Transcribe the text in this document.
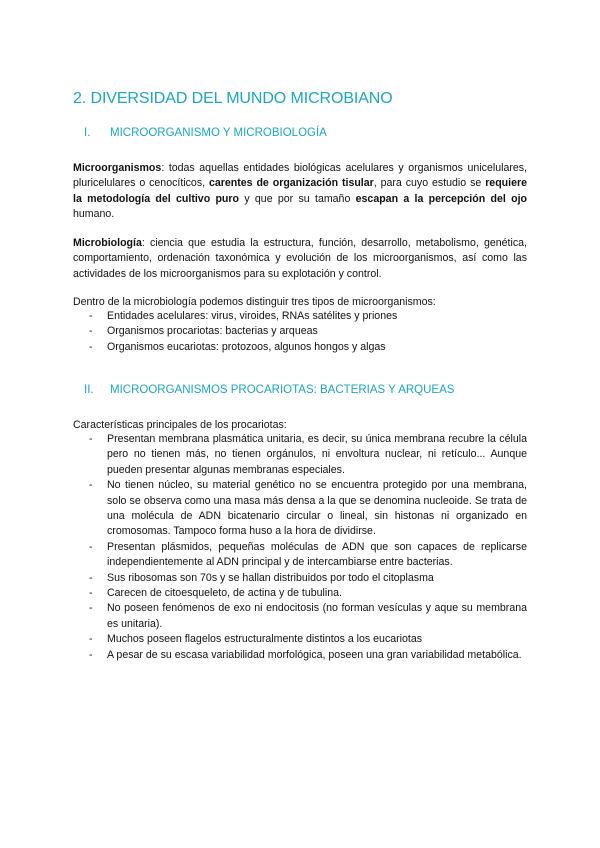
2. DIVERSIDAD DEL MUNDO MICROBIANO
I. MICROORGANISMO Y MICROBIOLOGÍA
Microorganismos: todas aquellas entidades biológicas acelulares y organismos unicelulares, pluricelulares o cenocíticos, carentes de organización tisular, para cuyo estudio se requiere la metodología del cultivo puro y que por su tamaño escapan a la percepción del ojo humano.
Microbiología: ciencia que estudia la estructura, función, desarrollo, metabolismo, genética, comportamiento, ordenación taxonómica y evolución de los microorganismos, así como las actividades de los microorganismos para su explotación y control.
Dentro de la microbiología podemos distinguir tres tipos de microorganismos:
- Entidades acelulares: virus, viroides, RNAs satélites y priones
- Organismos procariotas: bacterias y arqueas
- Organismos eucariotas: protozoos, algunos hongos y algas
II. MICROORGANISMOS PROCARIOTAS: BACTERIAS Y ARQUEAS
Características principales de los procariotas:
- Presentan membrana plasmática unitaria, es decir, su única membrana recubre la célula pero no tienen más, no tienen orgánulos, ni envoltura nuclear, ni retículo... Aunque pueden presentar algunas membranas especiales.
- No tienen núcleo, su material genético no se encuentra protegido por una membrana, solo se observa como una masa más densa a la que se denomina nucleoide. Se trata de una molécula de ADN bicatenario circular o lineal, sin histonas ni organizado en cromosomas. Tampoco forma huso a la hora de dividirse.
- Presentan plásmidos, pequeñas moléculas de ADN que son capaces de replicarse independientemente al ADN principal y de intercambiarse entre bacterias.
- Sus ribosomas son 70s y se hallan distribuidos por todo el citoplasma
- Carecen de citoesqueleto, de actina y de tubulina.
- No poseen fenómenos de exo ni endocitosis (no forman vesículas y aque su membrana es unitaria).
- Muchos poseen flagelos estructuralmente distintos a los eucariotas
- A pesar de su escasa variabilidad morfológica, poseen una gran variabilidad metabólica.
